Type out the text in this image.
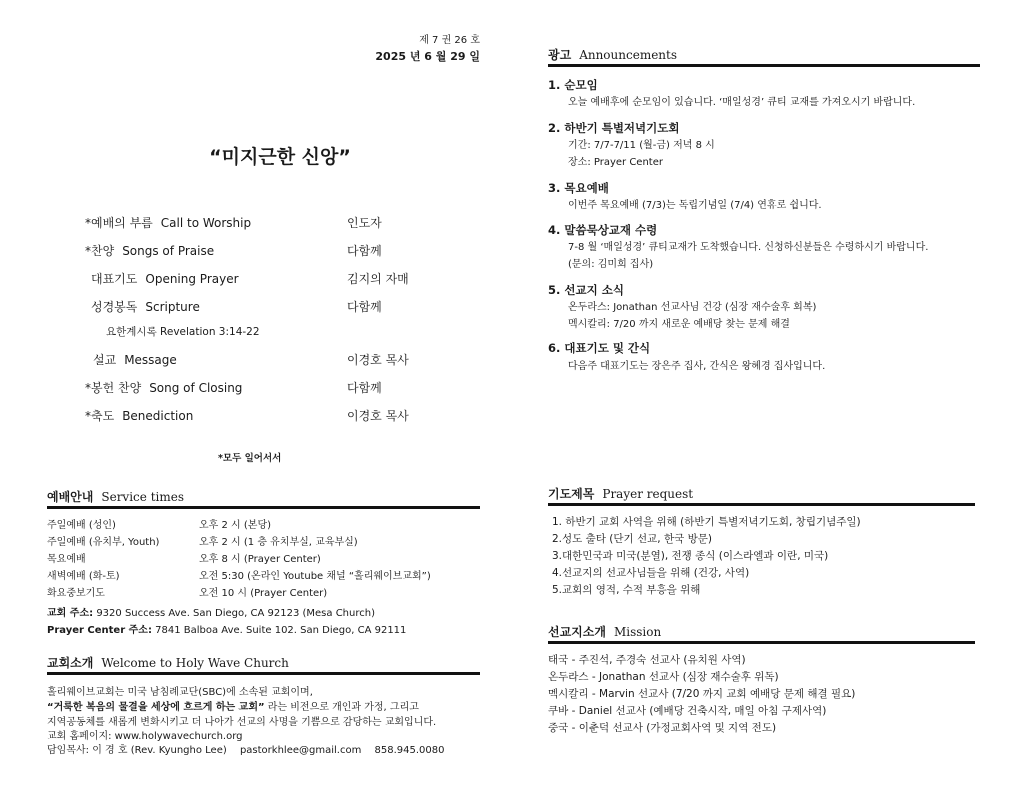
제 7 권 26 호
2025 년 6 월 29 일
“미지근한 신앙”
*예배의 부름 Call to Worship	인도자
*찬양 Songs of Praise	다함께
대표기도 Opening Prayer	김지의 자매
성경봉독 Scripture	다함께
요한계시록 Revelation 3:14-22
설교 Message	이경호 목사
*봉헌 찬양 Song of Closing	다함께
*축도 Benediction	이경호 목사
*모두 일어서서
예배안내 Service times
주일예배 (성인)	오후 2 시 (본당)
주일예배 (유치부, Youth)	오후 2 시 (1 층 유치부실, 교육부실)
목요예배	오후 8 시 (Prayer Center)
새벽예배 (화-토)	오전 5:30 (온라인 Youtube 채널 “홀리웨이브교회”)
화요중보기도	오전 10 시 (Prayer Center)
교회 주소: 9320 Success Ave. San Diego, CA 92123 (Mesa Church)
Prayer Center 주소: 7841 Balboa Ave. Suite 102. San Diego, CA 92111
교회소개 Welcome to Holy Wave Church
홀리웨이브교회는 미국 남침례교단(SBC)에 소속된 교회이며,
“거룩한 복음의 물결을 세상에 흐르게 하는 교회” 라는 비전으로 개인과 가정, 그리고
지역공동체를 새롭게 변화시키고 더 나아가 선교의 사명을 기쁨으로 감당하는 교회입니다.
교회 홈페이지: www.holywavechurch.org
담임목사: 이 경 호 (Rev. Kyungho Lee) pastorkhlee@gmail.com 858.945.0080
광고 Announcements
1. 순모임
오늘 예배후에 순모임이 있습니다. ‘매일성경’ 큐티 교재를 가져오시기 바랍니다.
2. 하반기 특별저녁기도회
기간: 7/7-7/11 (월-금) 저녁 8 시
장소: Prayer Center
3. 목요예배
이번주 목요예배 (7/3)는 독립기념일 (7/4) 연휴로 쉽니다.
4. 말씀묵상교재 수령
7-8 월 ‘매일성경’ 큐티교재가 도착했습니다. 신청하신분들은 수령하시기 바랍니다.
(문의: 김미희 집사)
5. 선교지 소식
온두라스: Jonathan 선교사님 건강 (심장 재수술후 회복)
멕시칼리: 7/20 까지 새로운 예배당 찾는 문제 해결
6. 대표기도 및 간식
다음주 대표기도는 장은주 집사, 간식은 왕혜경 집사입니다.
기도제목 Prayer request
1. 하반기 교회 사역을 위해 (하반기 특별저녁기도회, 창립기념주일)
2.성도 출타 (단기 선교, 한국 방문)
3.대한민국과 미국(분열), 전쟁 종식 (이스라엘과 이란, 미국)
4.선교지의 선교사님들을 위해 (건강, 사역)
5.교회의 영적, 수적 부흥을 위해
선교지소개 Mission
태국 - 주진석, 주경숙 선교사 (유치원 사역)
온두라스 - Jonathan 선교사 (심장 재수술후 위독)
멕시칼리 - Marvin 선교사 (7/20 까지 교회 예배당 문제 해결 필요)
쿠바 - Daniel 선교사 (예배당 건축시작, 매일 아침 구제사역)
중국 - 이춘덕 선교사 (가정교회사역 및 지역 전도)
